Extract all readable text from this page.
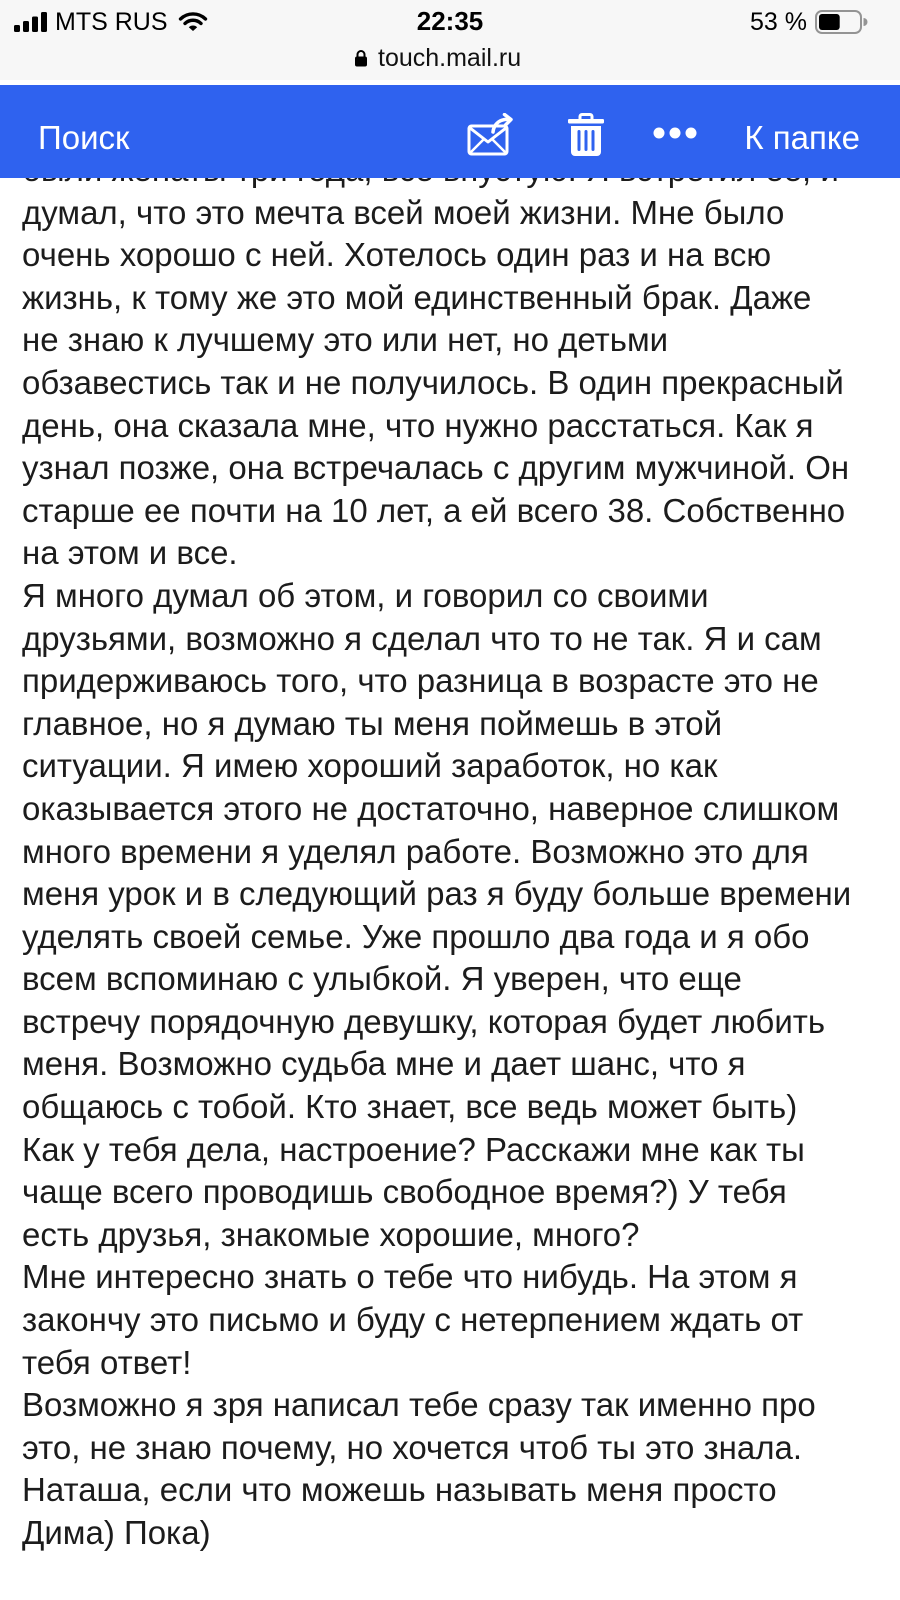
MTS RUS	22:35	53 %
touch.mail.ru
Поиск	К папке
думал, что это мечта всей моей жизни. Мне было
очень хорошо с ней. Хотелось один раз и на всю
жизнь, к тому же это мой единственный брак. Даже
не знаю к лучшему это или нет, но детьми
обзавестись так и не получилось. В один прекрасный
день, она сказала мне, что нужно расстаться. Как я
узнал позже, она встречалась с другим мужчиной. Он
старше ее почти на 10 лет, а ей всего 38. Собственно
на этом и все.
Я много думал об этом, и говорил со своими
друзьями, возможно я сделал что то не так. Я и сам
придерживаюсь того, что разница в возрасте это не
главное, но я думаю ты меня поймешь в этой
ситуации. Я имею хороший заработок, но как
оказывается этого не достаточно, наверное слишком
много времени я уделял работе. Возможно это для
меня урок и в следующий раз я буду больше времени
уделять своей семье. Уже прошло два года и я обо
всем вспоминаю с улыбкой. Я уверен, что еще
встречу порядочную девушку, которая будет любить
меня. Возможно судьба мне и дает шанс, что я
общаюсь с тобой. Кто знает, все ведь может быть)
Как у тебя дела, настроение? Расскажи мне как ты
чаще всего проводишь свободное время?) У тебя
есть друзья, знакомые хорошие, много?
Мне интересно знать о тебе что нибудь. На этом я
закончу это письмо и буду с нетерпением ждать от
тебя ответ!
Возможно я зря написал тебе сразу так именно про
это, не знаю почему, но хочется чтоб ты это знала.
Наташа, если что можешь называть меня просто
Дима) Пока)
